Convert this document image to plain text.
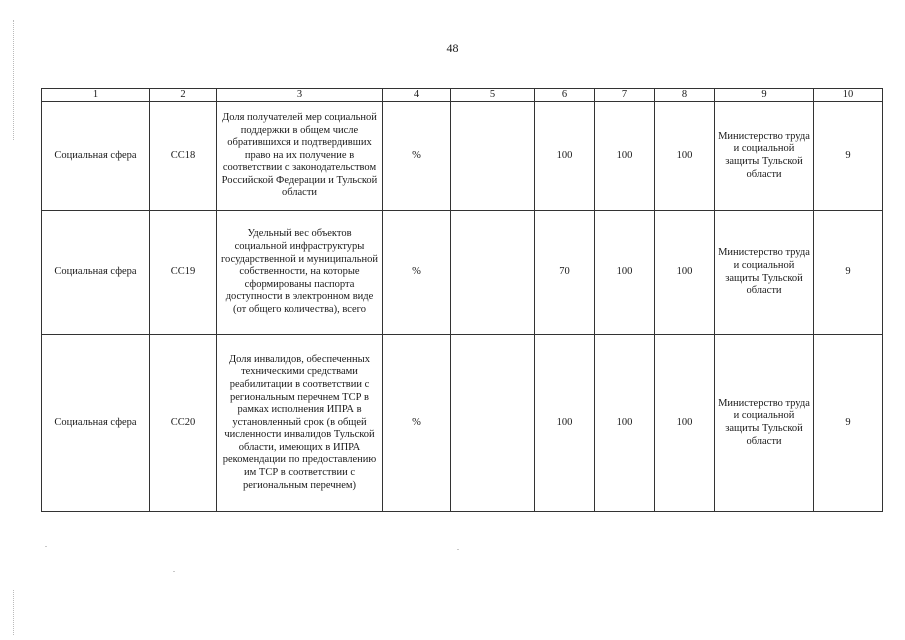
48
1	2	3	4	5	6	7	8	9	10
Социальная сфера	СС18	Доля получателей мер социальной поддержки в общем числе обратившихся и подтвердивших право на их получение в соответствии с законодательством Российской Федерации и Тульской области	%		100	100	100	Министерство труда и социальной защиты Тульской области	9
Социальная сфера	СС19	Удельный вес объектов социальной инфраструктуры государственной и муниципальной собственности, на которые сформированы паспорта доступности в электронном виде (от общего количества), всего	%		70	100	100	Министерство труда и социальной защиты Тульской области	9
Социальная сфера	СС20	Доля инвалидов, обеспеченных техническими средствами реабилитации в соответствии с региональным перечнем ТСР в рамках исполнения ИПРА в установленный срок (в общей численности инвалидов Тульской области, имеющих в ИПРА рекомендации по предоставлению им ТСР в соответствии с региональным перечнем)	%		100	100	100	Министерство труда и социальной защиты Тульской области	9
